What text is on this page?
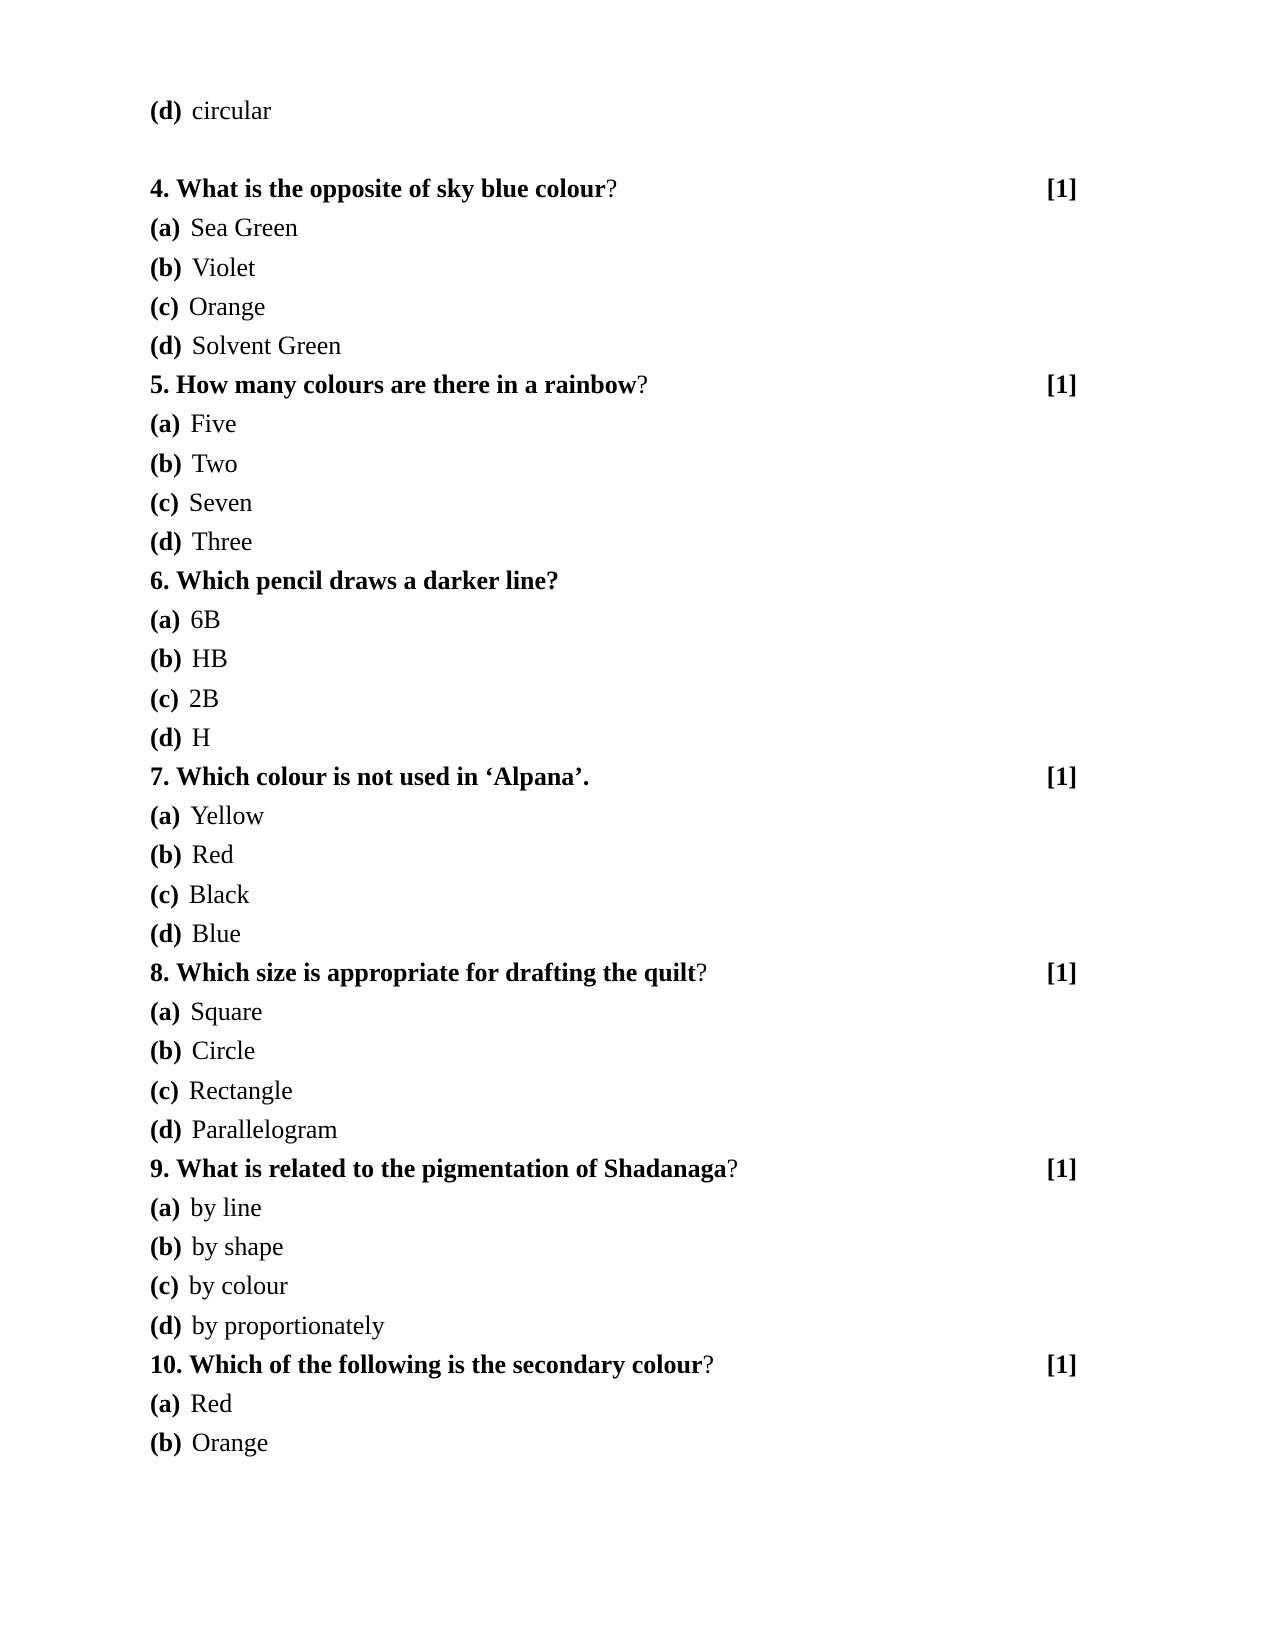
(d) circular
4. What is the opposite of sky blue colour?	[1]
(a) Sea Green
(b) Violet
(c) Orange
(d) Solvent Green
5. How many colours are there in a rainbow?	[1]
(a) Five
(b) Two
(c) Seven
(d) Three
6. Which pencil draws a darker line?
(a) 6B
(b) HB
(c) 2B
(d) H
7. Which colour is not used in ‘Alpana’.	[1]
(a) Yellow
(b) Red
(c) Black
(d) Blue
8. Which size is appropriate for drafting the quilt?	[1]
(a) Square
(b) Circle
(c) Rectangle
(d) Parallelogram
9. What is related to the pigmentation of Shadanaga?	[1]
(a) by line
(b) by shape
(c) by colour
(d) by proportionately
10. Which of the following is the secondary colour?	[1]
(a) Red
(b) Orange
